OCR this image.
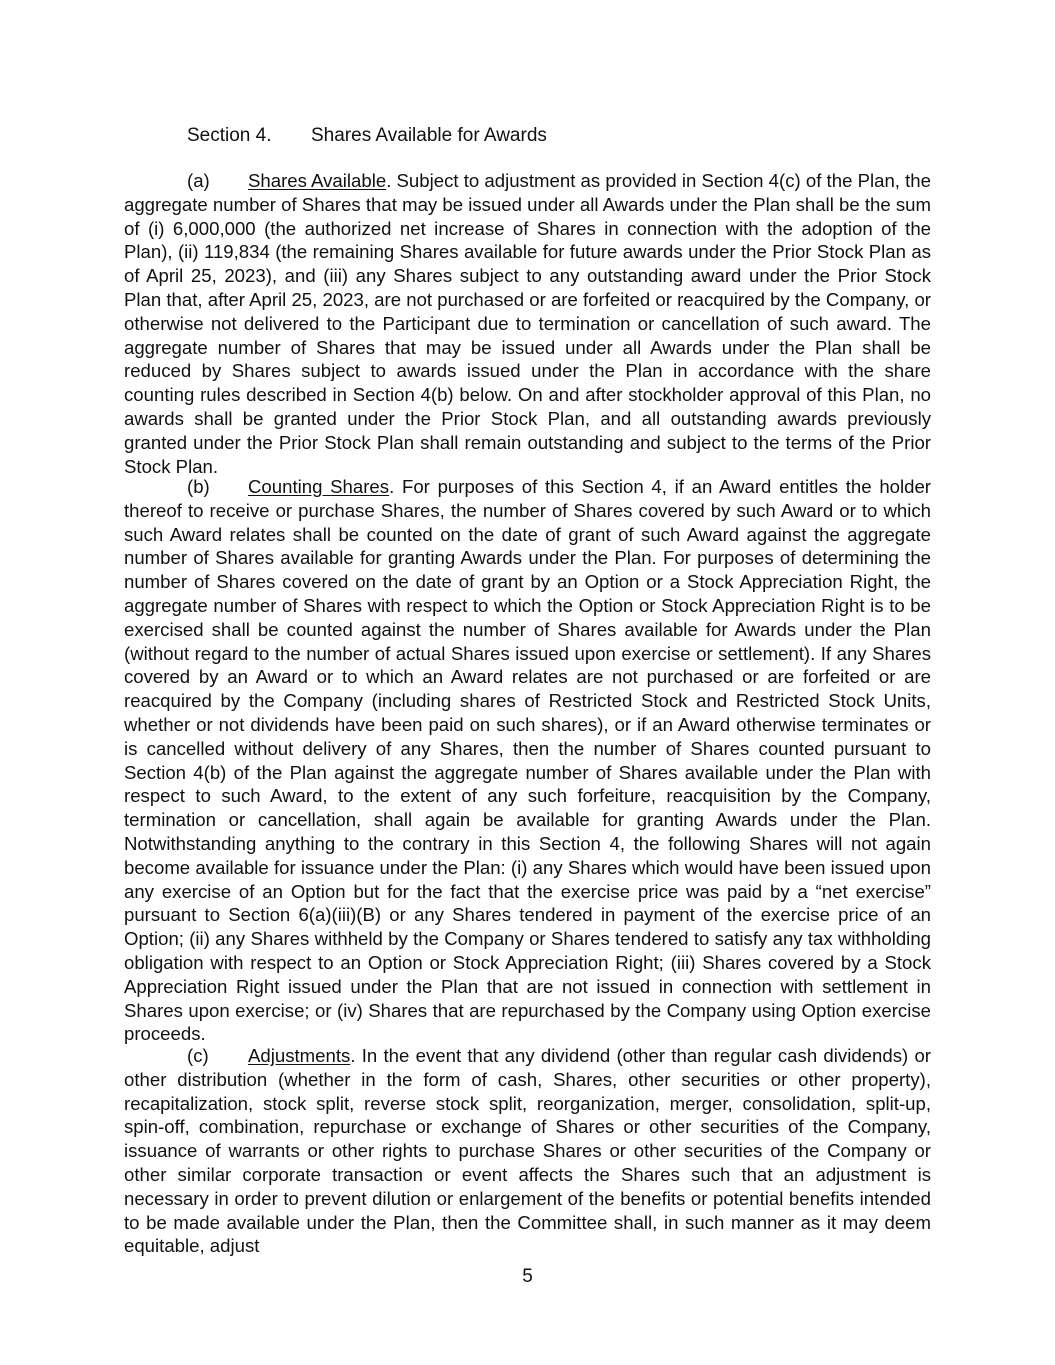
Section 4. Shares Available for Awards

(a) Shares Available. Subject to adjustment as provided in Section 4(c) of the Plan, the aggregate number of Shares that may be issued under all Awards under the Plan shall be the sum of (i) 6,000,000 (the authorized net increase of Shares in connection with the adoption of the Plan), (ii) 119,834 (the remaining Shares available for future awards under the Prior Stock Plan as of April 25, 2023), and (iii) any Shares subject to any outstanding award under the Prior Stock Plan that, after April 25, 2023, are not purchased or are forfeited or reacquired by the Company, or otherwise not delivered to the Participant due to termination or cancellation of such award. The aggregate number of Shares that may be issued under all Awards under the Plan shall be reduced by Shares subject to awards issued under the Plan in accordance with the share counting rules described in Section 4(b) below. On and after stockholder approval of this Plan, no awards shall be granted under the Prior Stock Plan, and all outstanding awards previously granted under the Prior Stock Plan shall remain outstanding and subject to the terms of the Prior Stock Plan.

(b) Counting Shares. For purposes of this Section 4, if an Award entitles the holder thereof to receive or purchase Shares, the number of Shares covered by such Award or to which such Award relates shall be counted on the date of grant of such Award against the aggregate number of Shares available for granting Awards under the Plan. For purposes of determining the number of Shares covered on the date of grant by an Option or a Stock Appreciation Right, the aggregate number of Shares with respect to which the Option or Stock Appreciation Right is to be exercised shall be counted against the number of Shares available for Awards under the Plan (without regard to the number of actual Shares issued upon exercise or settlement). If any Shares covered by an Award or to which an Award relates are not purchased or are forfeited or are reacquired by the Company (including shares of Restricted Stock and Restricted Stock Units, whether or not dividends have been paid on such shares), or if an Award otherwise terminates or is cancelled without delivery of any Shares, then the number of Shares counted pursuant to Section 4(b) of the Plan against the aggregate number of Shares available under the Plan with respect to such Award, to the extent of any such forfeiture, reacquisition by the Company, termination or cancellation, shall again be available for granting Awards under the Plan. Notwithstanding anything to the contrary in this Section 4, the following Shares will not again become available for issuance under the Plan: (i) any Shares which would have been issued upon any exercise of an Option but for the fact that the exercise price was paid by a “net exercise” pursuant to Section 6(a)(iii)(B) or any Shares tendered in payment of the exercise price of an Option; (ii) any Shares withheld by the Company or Shares tendered to satisfy any tax withholding obligation with respect to an Option or Stock Appreciation Right; (iii) Shares covered by a Stock Appreciation Right issued under the Plan that are not issued in connection with settlement in Shares upon exercise; or (iv) Shares that are repurchased by the Company using Option exercise proceeds.

(c) Adjustments. In the event that any dividend (other than regular cash dividends) or other distribution (whether in the form of cash, Shares, other securities or other property), recapitalization, stock split, reverse stock split, reorganization, merger, consolidation, split-up, spin-off, combination, repurchase or exchange of Shares or other securities of the Company, issuance of warrants or other rights to purchase Shares or other securities of the Company or other similar corporate transaction or event affects the Shares such that an adjustment is necessary in order to prevent dilution or enlargement of the benefits or potential benefits intended to be made available under the Plan, then the Committee shall, in such manner as it may deem equitable, adjust

5
